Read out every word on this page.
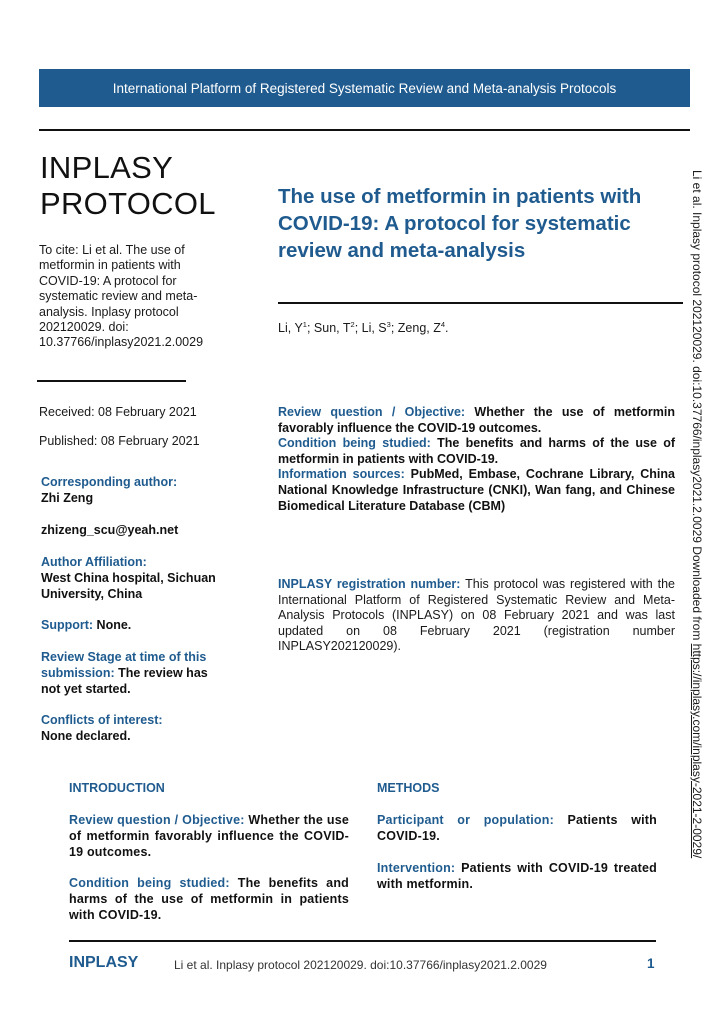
International Platform of Registered Systematic Review and Meta-analysis Protocols
INPLASY
PROTOCOL
To cite: Li et al. The use of metformin in patients with COVID-19: A protocol for systematic review and meta-analysis. Inplasy protocol 202120029. doi: 10.37766/inplasy2021.2.0029
Received: 08 February 2021
Published: 08 February 2021
Corresponding author:
Zhi Zeng
zhizeng_scu@yeah.net
Author Affiliation:
West China hospital, Sichuan University, China
Support: None.
Review Stage at time of this submission: The review has not yet started.
Conflicts of interest:
None declared.
The use of metformin in patients with COVID-19: A protocol for systematic review and meta-analysis
Li, $Y^1$; Sun, $T^2$; Li, $S^3$; Zeng, $Z^4$.
Review question / Objective: Whether the use of metformin favorably influence the COVID-19 outcomes.
Condition being studied: The benefits and harms of the use of metformin in patients with COVID-19.
Information sources: PubMed, Embase, Cochrane Library, China National Knowledge Infrastructure (CNKI), Wan fang, and Chinese Biomedical Literature Database (CBM)
INPLASY registration number: This protocol was registered with the International Platform of Registered Systematic Review and Meta-Analysis Protocols (INPLASY) on 08 February 2021 and was last updated on 08 February 2021 (registration number INPLASY202120029).
INTRODUCTION
Review question / Objective: Whether the use of metformin favorably influence the COVID-19 outcomes.
Condition being studied: The benefits and harms of the use of metformin in patients with COVID-19.
METHODS
Participant or population: Patients with COVID-19.
Intervention: Patients with COVID-19 treated with metformin.
Li et al. Inplasy protocol 202120029. doi:10.37766/inplasy2021.2.0029 Downloaded from https://inplasy.com/inplasy-2021-2-0029/
INPLASY	Li et al. Inplasy protocol 202120029. doi:10.37766/inplasy2021.2.0029	1
